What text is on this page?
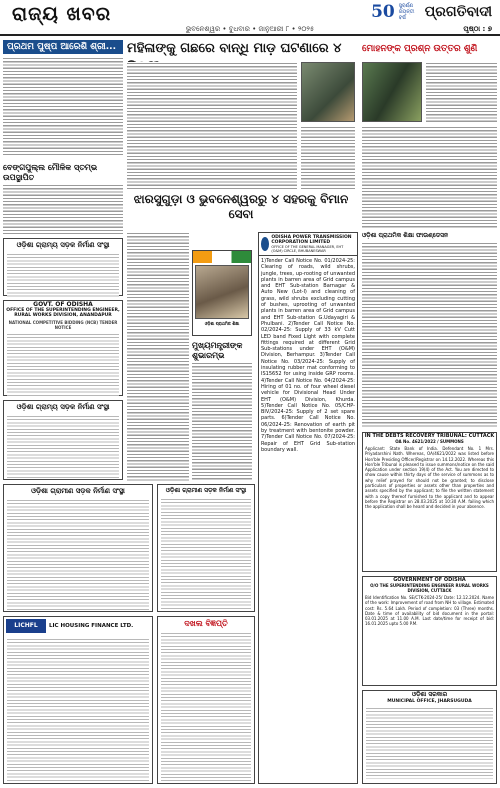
ରାଜ୍ୟ ଖବର
ଭୁବନେଶ୍ୱର • ବୁଧବାର • ଜାନୁଆରୀ ୮ • ୨୦୨୫
50 ସୁବର୍ଣ୍ଣ ଜୟନ୍ତୀ ବର୍ଷ	ପ୍ରଗତିବାଦୀ
ପୃଷ୍ଠା : ୭
ପ୍ରଥମ ପୁଷ୍ପ ଆରେଶି ଶ୍ରୀ...
ବେଙ୍ଗପୁଲ୍ଲ ମୌଳିକ ସ୍ତମ୍ଭ ଉପସ୍ଥାପିତ
ଓଡ଼ିଶା ଗ୍ରାମ୍ୟ ସଡ଼କ ନିର୍ମାଣ ସଂସ୍ଥା
GOVT. OF ODISHA
OFFICE OF THE SUPERINTENDING ENGINEER, RURAL WORKS DIVISION, ANANDAPUR
NATIONAL COMPETITIVE BIDDING (NCB) TENDER NOTICE
ଓଡ଼ିଶା ଗ୍ରାମ୍ୟ ସଡ଼କ ନିର୍ମାଣ ସଂସ୍ଥା
ଓଡ଼ିଶା ଗ୍ରାମୀଣ ସଡ଼କ ନିର୍ମାଣ ସଂସ୍ଥା
LICHFL	LIC HOUSING FINANCE LTD.
ମହିଳାଙ୍କୁ ଗଛରେ ବାନ୍ଧି ମାଡ଼ ଘଟଣାରେ ୪
ଝାରସୁଗୁଡ଼ା ଓ ଭୁବନେଶ୍ୱରରୁ ୪ ସହରକୁ ବିମାନ ସେବା
ଓଡ଼ିଶା ପ୍ରାଥମିକ ଶିକ୍ଷା
ମୁଖ୍ୟମନ୍ତ୍ରୀଙ୍କ ଶୁଭାରମ୍ଭ
ଓଡ଼ିଶା ଗ୍ରାମୀଣ ସଡ଼କ ନିର୍ମାଣ ସଂସ୍ଥା
ଦଖଲ ବିଜ୍ଞପ୍ତି
ODISHA POWER TRANSMISSION CORPORATION LIMITED
OFFICE OF THE GENERAL MANAGER, EHT (O&M) CIRCLE, BHUBANESWAR
1)Tender Call Notice No. 01/2024-25: Clearing of roads, wild shrubs, jungle, trees, up-rooting of unwanted plants in barren area of Grid campus and EHT Sub-station Barnagar & Auto New (Lot-I) and cleaning of grass, wild shrubs excluding cutting of bushes, uprooting of unwanted plants in barren area of Grid campus and EHT Sub-station G.Udayagiri & Phulbani. 2)Tender Call Notice No. 02/2024-25: Supply of 33 kV Cutt LED band Fixed Light with complete fittings required at different Grid Sub-stations under EHT (O&M) Division, Berhampur. 3)Tender Call Notice No. 03/2024-25: Supply of insulating rubber mat conforming to IS15652 for using inside GRP rooms. 4)Tender Call Notice No. 04/2024-25: Hiring of 01 no. of four wheel diesel vehicle for Divisional Head Under EHT (O&M) Division, Khurda. 5)Tender Call Notice No. 05/CHP-BIV/2024-25: Supply of 2 set spare parts. 6)Tender Call Notice No. 06/2024-25: Renovation of earth pit by treatment with bentonite powder. 7)Tender Call Notice No. 07/2024-25: Repair of EHT Grid Sub-station boundary wall.
ମୋହନଙ୍କ ପ୍ରଶ୍ନ ଉତ୍ତର ଶୁଣି
IN THE DEBTS RECOVERY TRIBUNAL: CUTTACK
OA No. 4621/2022 / SUMMONS
Applicant: State Bank of India. Defendant No. 1 Mrs. Priyadarshini Nath. Whereas, OA/4621/2022 was listed before Hon'ble Presiding Officer/Registrar on 14.12.2022. Whereas this Hon'ble Tribunal is pleased to issue summons/notice on the said Application under section 19(4) of the Act. You are directed to show cause within thirty days of the service of summons as to why relief prayed for should not be granted; to disclose particulars of properties or assets other than properties and assets specified by the applicant; to file the written statement with a copy thereof furnished to the applicant and to appear before the Registrar on 28.03.2025 at 10:30 A.M. failing which the application shall be heard and decided in your absence.
GOVERNMENT OF ODISHA
O/O THE SUPERINTENDING ENGINEER RURAL WORKS DIVISION, CUTTACK
Bid Identification No. SE/CTK-2024-25/ Date: 12.12.2024. Name of the work: Improvement of road from NH to village. Estimated cost: Rs. 5.64 Lakh. Period of completion: 03 (Three) months. Date & time of availability of bid document in the portal: 03.01.2025 at 11.00 A.M. Last date/time for receipt of bid: 16.01.2025 upto 5.00 P.M.
ଓଡ଼ିଶା ସରକାର
MUNICIPAL OFFICE, JHARSUGUDA
ଓଡ଼ିଶା ପ୍ରାଥମିକ ଶିକ୍ଷା ଫାଉଣ୍ଡେସନ
